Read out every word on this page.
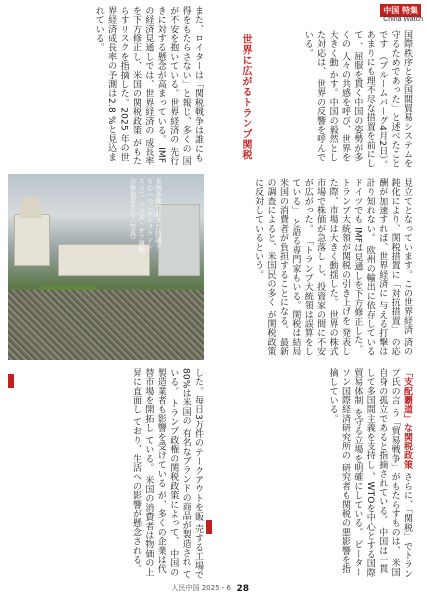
中国 特集
China Watch
国際秩序と多国間貿易システムを守るためであった」と述べたことです （ブルームバーグ4月2日）。 あまりにも理不尽な措置を前にして 、屈服を貫く中国の姿勢が多くの 人々の共感を呼び、世界を大きく動 かす。中国の毅然とした対応は、 世界の反響を呼んでいる。
また、ロイターは「関税戦争は誰にも 得をもたらさない」と報じ、多くの 国が不安を抱いている。世界経済の 先行きに対する懸念が高まっている。 IMFの経済見通しでは、世界経済の 成長率を下方修正し、米国の関税政策 がもたらすリスクを指摘した。2025 年の世界経済成長率の予測は2.8 %と見込まれている。
世界に広がるトランプ関税
見立てとなっています。この世界経済 済の鈍化により、関税措置に「対抗措置」 の応酬が加速すれば、世界経済に 与える打撃は計り知れない。 欧州の輸出に依存しているドイツでも IMFは見通しを下方修正した。 トランプ大統領が関税の引き上げを 発表した際、市場は大きく動揺した。 世界の株式市場で株価が急落し し、投資家の間に不安が広がった。 「トランプ大統領は誤算をしている」 と語る専門家もいる。関税は結局 米国の消費者が負担することになる。 最新の調査によると、米国民の多く が関税政策に反対しているという。
米国各地で起きた抗議デモの一つ（サンフランシスコ）。ハンズ・オフ運動の参加者たち（写真）
した。毎日3万件のテークアウトを販 売する工場で80%は米国の 有名なブランドの商品が製造され ている。 トランプ政権の関税政策によって、 中国の製造業者も影響を受けている が、多くの企業は代替市場を開拓し ている。 米国の消費者は物価の上昇に直面し ており、生活への影響が懸念される。	「支配覇道」な関税政策 さらに、「関税」でトランプ氏の言 う「貿易戦争」がもたらすものは、 米国自身の孤立であると指摘されている。 中国は一貫して多国間主義を支持し 、WTOを中心とする国際貿易体制 を守る立場を明確にしている。 ピーターソン国際経済研究所の 研究者も関税の悪影響を指摘している。
人民中国 2025・6 28
